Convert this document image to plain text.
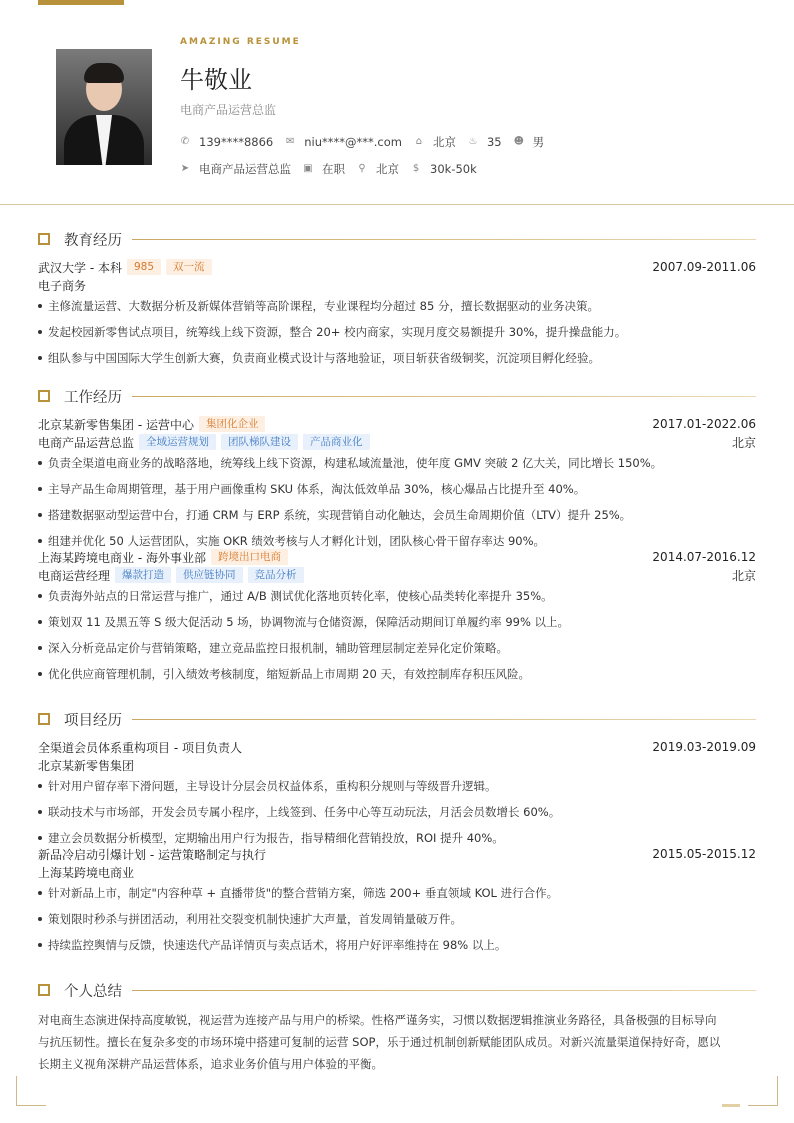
AMAZING RESUME
牛敬业
电商产品运营总监
✆ 139****8866 ✉ niu****@***.com ⌂ 北京 ♨ 35 ☻ 男
➤ 电商产品运营总监 ▣ 在职 ⚲ 北京 $ 30k-50k
教育经历
武汉大学 - 本科	985	双一流	2007.09-2011.06
电子商务
主修流量运营、大数据分析及新媒体营销等高阶课程，专业课程均分超过 85 分，擅长数据驱动的业务决策。
发起校园新零售试点项目，统筹线上线下资源，整合 20+ 校内商家，实现月度交易额提升 30%，提升操盘能力。
组队参与中国国际大学生创新大赛，负责商业模式设计与落地验证，项目斩获省级铜奖，沉淀项目孵化经验。
工作经历
北京某新零售集团 - 运营中心	集团化企业	2017.01-2022.06
电商产品运营总监	全域运营规划	团队梯队建设	产品商业化	北京
负责全渠道电商业务的战略落地，统筹线上线下资源，构建私域流量池，使年度 GMV 突破 2 亿大关，同比增长 150%。
主导产品生命周期管理，基于用户画像重构 SKU 体系，淘汰低效单品 30%，核心爆品占比提升至 40%。
搭建数据驱动型运营中台，打通 CRM 与 ERP 系统，实现营销自动化触达，会员生命周期价值（LTV）提升 25%。
组建并优化 50 人运营团队，实施 OKR 绩效考核与人才孵化计划，团队核心骨干留存率达 90%。
上海某跨境电商业 - 海外事业部	跨境出口电商	2014.07-2016.12
电商运营经理	爆款打造	供应链协同	竞品分析	北京
负责海外站点的日常运营与推广，通过 A/B 测试优化落地页转化率，使核心品类转化率提升 35%。
策划双 11 及黑五等 S 级大促活动 5 场，协调物流与仓储资源，保障活动期间订单履约率 99% 以上。
深入分析竞品定价与营销策略，建立竞品监控日报机制，辅助管理层制定差异化定价策略。
优化供应商管理机制，引入绩效考核制度，缩短新品上市周期 20 天，有效控制库存积压风险。
项目经历
全渠道会员体系重构项目 - 项目负责人	2019.03-2019.09
北京某新零售集团
针对用户留存率下滑问题，主导设计分层会员权益体系，重构积分规则与等级晋升逻辑。
联动技术与市场部，开发会员专属小程序，上线签到、任务中心等互动玩法，月活会员数增长 60%。
建立会员数据分析模型，定期输出用户行为报告，指导精细化营销投放，ROI 提升 40%。
新品冷启动引爆计划 - 运营策略制定与执行	2015.05-2015.12
上海某跨境电商业
针对新品上市，制定"内容种草 + 直播带货"的整合营销方案，筛选 200+ 垂直领域 KOL 进行合作。
策划限时秒杀与拼团活动，利用社交裂变机制快速扩大声量，首发周销量破万件。
持续监控舆情与反馈，快速迭代产品详情页与卖点话术，将用户好评率维持在 98% 以上。
个人总结
对电商生态演进保持高度敏锐，视运营为连接产品与用户的桥梁。性格严谨务实，习惯以数据逻辑推演业务路径，具备极强的目标导向
与抗压韧性。擅长在复杂多变的市场环境中搭建可复制的运营 SOP，乐于通过机制创新赋能团队成员。对新兴流量渠道保持好奇，愿以
长期主义视角深耕产品运营体系，追求业务价值与用户体验的平衡。
